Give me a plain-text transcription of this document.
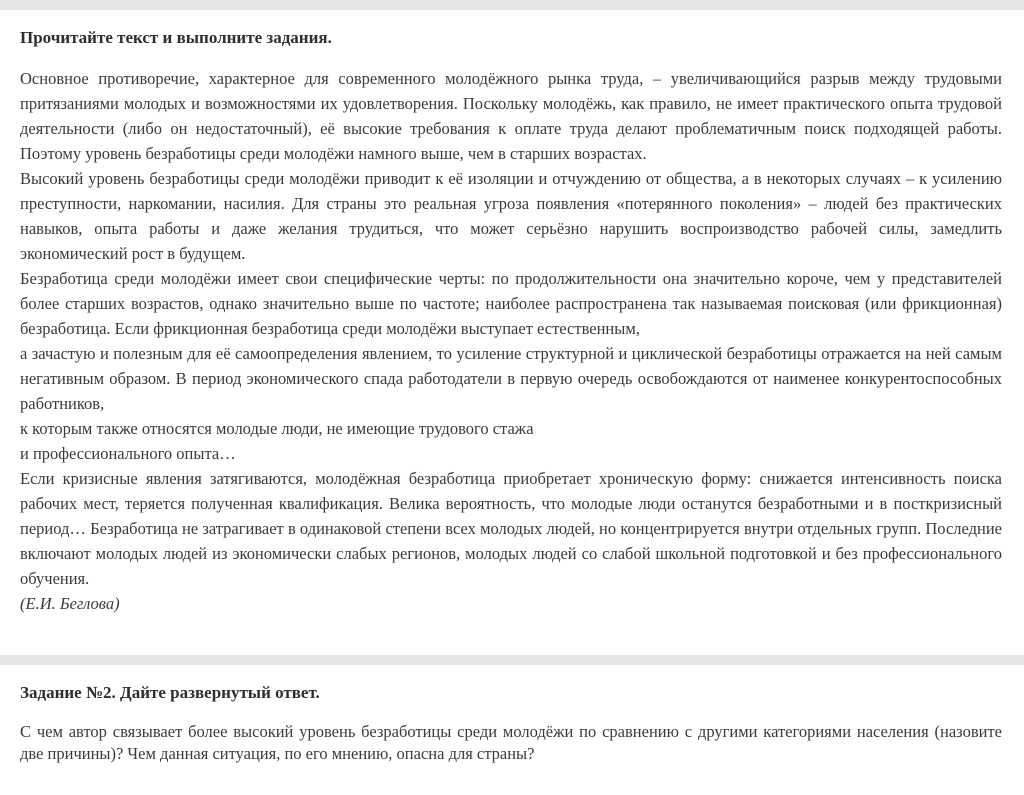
Прочитайте текст и выполните задания.

Основное противоречие, характерное для современного молодёжного рынка труда, – увеличивающийся разрыв между трудовыми притязаниями молодых и возможностями их удовлетворения. Поскольку молодёжь, как правило, не имеет практического опыта трудовой деятельности (либо он недостаточный), её высокие требования к оплате труда делают проблематичным поиск подходящей работы. Поэтому уровень безработицы среди молодёжи намного выше, чем в старших возрастах.

Высокий уровень безработицы среди молодёжи приводит к её изоляции и отчуждению от общества, а в некоторых случаях – к усилению преступности, наркомании, насилия. Для страны это реальная угроза появления «потерянного поколения» – людей без практических навыков, опыта работы и даже желания трудиться, что может серьёзно нарушить воспроизводство рабочей силы, замедлить экономический рост в будущем.

Безработица среди молодёжи имеет свои специфические черты: по продолжительности она значительно короче, чем у представителей более старших возрастов, однако значительно выше по частоте; наиболее распространена так называемая поисковая (или фрикционная) безработица. Если фрикционная безработица среди молодёжи выступает естественным,

а зачастую и полезным для её самоопределения явлением, то усиление структурной и циклической безработицы отражается на ней самым негативным образом. В период экономического спада работодатели в первую очередь освобождаются от наименее конкурентоспособных работников,

к которым также относятся молодые люди, не имеющие трудового стажа

и профессионального опыта…

Если кризисные явления затягиваются, молодёжная безработица приобретает хроническую форму: снижается интенсивность поиска рабочих мест, теряется полученная квалификация. Велика вероятность, что молодые люди останутся безработными и в посткризисный период… Безработица не затрагивает в одинаковой степени всех молодых людей, но концентрируется внутри отдельных групп. Последние включают молодых людей из экономически слабых регионов, молодых людей со слабой школьной подготовкой и без профессионального обучения.

(Е.И. Беглова)

Задание №2. Дайте развернутый ответ.

С чем автор связывает более высокий уровень безработицы среди молодёжи по сравнению с другими категориями населения (назовите две причины)? Чем данная ситуация, по его мнению, опасна для страны?
